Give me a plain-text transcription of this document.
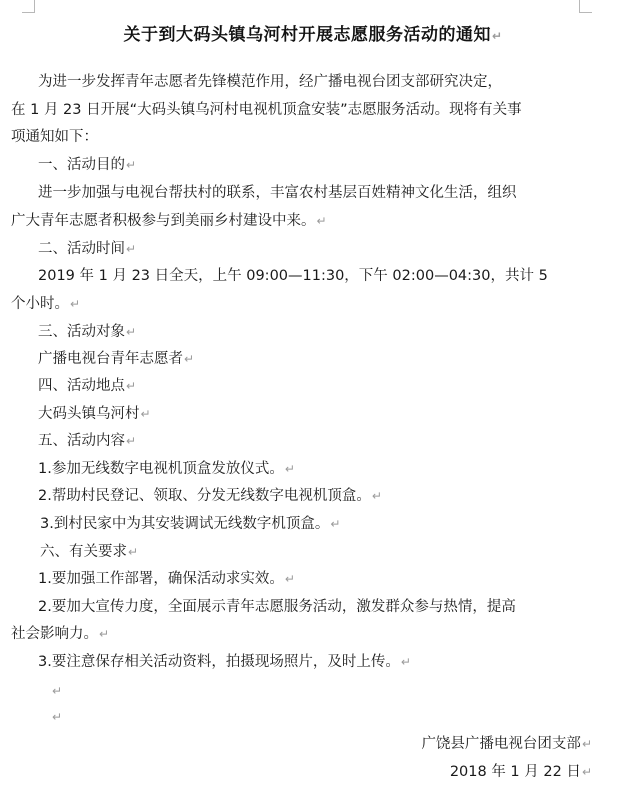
关于到大码头镇乌河村开展志愿服务活动的通知↵
为进一步发挥青年志愿者先锋模范作用，经广播电视台团支部研究决定，
在 1 月 23 日开展“大码头镇乌河村电视机顶盒安装”志愿服务活动。现将有关事
项通知如下：
一、活动目的↵
进一步加强与电视台帮扶村的联系，丰富农村基层百姓精神文化生活，组织
广大青年志愿者积极参与到美丽乡村建设中来。↵
二、活动时间↵
2019 年 1 月 23 日全天，上午 09:00—11:30，下午 02:00—04:30，共计 5
个小时。↵
三、活动对象↵
广播电视台青年志愿者↵
四、活动地点↵
大码头镇乌河村↵
五、活动内容↵
1.参加无线数字电视机顶盒发放仪式。↵
2.帮助村民登记、领取、分发无线数字电视机顶盒。↵
3.到村民家中为其安装调试无线数字机顶盒。↵
六、有关要求↵
1.要加强工作部署，确保活动求实效。↵
2.要加大宣传力度，全面展示青年志愿服务活动，激发群众参与热情，提高
社会影响力。↵
3.要注意保存相关活动资料，拍摄现场照片，及时上传。↵
↵
↵
广饶县广播电视台团支部↵
2018 年 1 月 22 日↵
